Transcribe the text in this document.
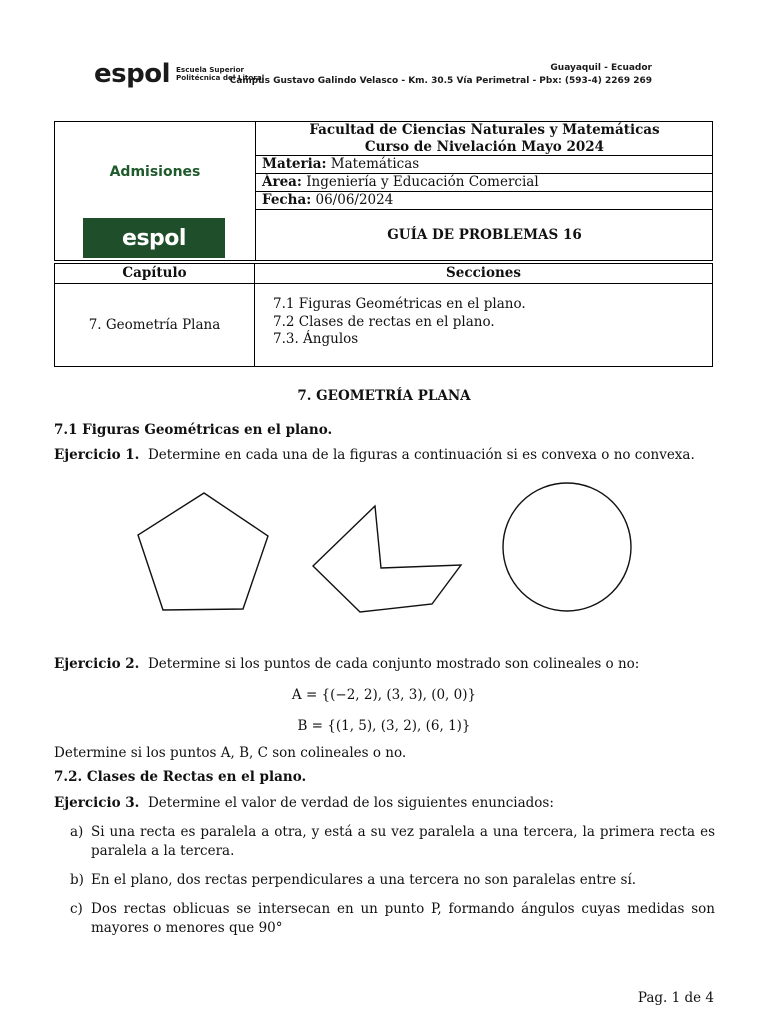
espol Escuela Superior
Politécnica del Litoral
Guayaquil - Ecuador
Campus Gustavo Galindo Velasco - Km. 30.5 Vía Perimetral - Pbx: (593-4) 2269 269
Admisiones
espol
Facultad de Ciencias Naturales y Matemáticas
Curso de Nivelación Mayo 2024
Materia: Matemáticas
Área: Ingeniería y Educación Comercial
Fecha: 06/06/2024
GUÍA DE PROBLEMAS 16
Capítulo	Secciones
7. Geometría Plana
7.1 Figuras Geométricas en el plano.
7.2 Clases de rectas en el plano.
7.3. Ángulos
7. GEOMETRÍA PLANA
7.1 Figuras Geométricas en el plano.
Ejercicio 1. Determine en cada una de la figuras a continuación si es convexa o no convexa.
Ejercicio 2. Determine si los puntos de cada conjunto mostrado son colineales o no:
A = {(−2, 2), (3, 3), (0, 0)}
B = {(1, 5), (3, 2), (6, 1)}
Determine si los puntos A, B, C son colineales o no.
7.2. Clases de Rectas en el plano.
Ejercicio 3. Determine el valor de verdad de los siguientes enunciados:
a) Si una recta es paralela a otra, y está a su vez paralela a una tercera, la primera recta es paralela a la tercera.
b) En el plano, dos rectas perpendiculares a una tercera no son paralelas entre sí.
c) Dos rectas oblicuas se intersecan en un punto P, formando ángulos cuyas medidas son mayores o menores que 90°
Pag. 1 de 4
